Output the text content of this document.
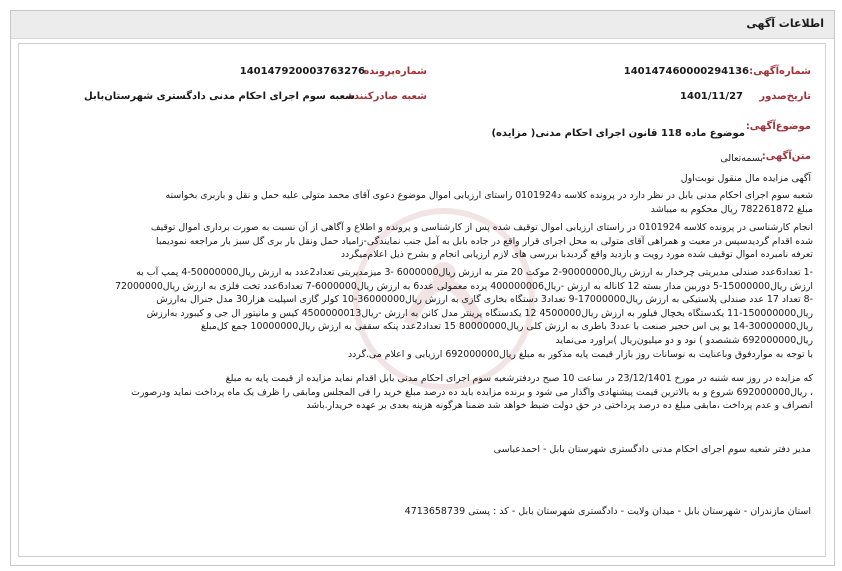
اطلاعات آگهی
شماره‌آگهی:
140147460000294136
شماره‌پرونده
140147920003763276
تاریخ‌صدور
1401/11/27
شعبه صادر‌کننده
شعبه سوم اجرای احکام مدنی دادگستری شهرستان‌بابل
موضوع‌آگهی:
موضوع ماده 118 قانون اجرای احکام مدنی( مزایده)
متن‌آگهی:
بسمه‌تعالی
آگهی مزایده مال منقول نوبت‌اول
شعبه سوم اجرای احکام مدنی بابل در نظر دارد در پرونده کلاسه د0101924 راستای ارزیابی اموال موضوع دعوی آقای محمد متولی علیه حمل و نقل و باربری بخواسته
مبلغ 782261872 ریال محکوم به میباشد
انجام کارشناسی در پرونده کلاسه 0101924 در راستای ارزیابی اموال توقیف شده پس از کارشناسی و پرونده و اطلاع و آگاهی از آن نسبت به صورت برداری اموال توقیف
شده اقدام گردیدسپس در معیت و همراهی آقای متولی به محل اجرای قرار واقع در جاده بابل به آمل جنب نمایندگی-زامیاد حمل ونقل بار بری گل سبز بار مراجعه نمودیمبا
تعرفه نامبرده اموال توقیف شده مورد رویت و بازدید واقع گردیدبا بررسی های لازم ارزیابی انجام و بشرح ذیل اعلام‌میگردد
-1 تعداد6عدد صندلی مدیریتی چرخدار به ارزش ریال90000000-2 موکت 20 متر به ارزش ریال6000000 -3 میزمدیریتی تعداد2عدد به ارزش ریال50000000-4 پمپ آب به
ارزش ریال15000000-5 دوربین مدار بسته 12 کاناله به ارزش -ریال400000006 پرده معمولی عدد6 به ارزش ریال6000000-7 تعداد6عدد تخت فلزی به ارزش ریال72000000
-8 تعداد 17 عدد صندلی پلاستیکی به ارزش ریال17000000-9 تعداد3 دستگاه بخاری گازی به ارزش ریال36000000-10 کولر گازی اسپلیت هزار30 مدل جنرال به‌ارزش
ریال150000000-11 یکدستگاه یخچال فیلور به ارزش ریال4500000 12 یکدستگاه پرینتر مدل کانن به ارزش -ریال4500000013 کیس و مانیتور ال جی و کیبورد به‌ارزش
ریال30000000-14 یو پی اس حجیر صنعت با عدد3 باطری به ارزش کلی ریال80000000 15 تعداد2عدد پنکه سقفی به ارزش ریال10000000 جمع کل‌مبلغ
ریال692000000 ششصدو ) نود و دو میلیون‌ریال )براورد می‌نماید
با توجه به موارد‌فوق وباعنایت به نوسانات روز بازار قیمت پایه مذکور به مبلغ ریال692000000 ارزیابی و اعلام می.گردد
که مزایده در روز سه شنبه در مورخ 23/12/1401 در ساعت 10 صبح دردفترشعبه سوم اجرای احکام مدنی بابل اقدام نماید مزایده از قیمت پایه به مبلغ
، ریال692000000 شروع و به بالاترین قیمت پیشنهادی واگذار می شود و برنده مزایده باید ده درصد مبلغ خرید را فی المجلس ومابقی را ظرف یک ماه پرداخت نماید ودرصورت
انصراف و عدم پرداخت ،مابقی مبلغ ده درصد پرداختی در حق دولت ضبط خواهد شد ضمنا هرگونه هزینه بعدی بر عهده خریدار.باشد
مدیر دفتر شعبه سوم اجرای احکام مدنی دادگستری شهرستان بابل - احمدعباسی
استان مازندران - شهرستان بابل - میدان ولایت - دادگستری شهرستان بابل - کد : پستی 4713658739
